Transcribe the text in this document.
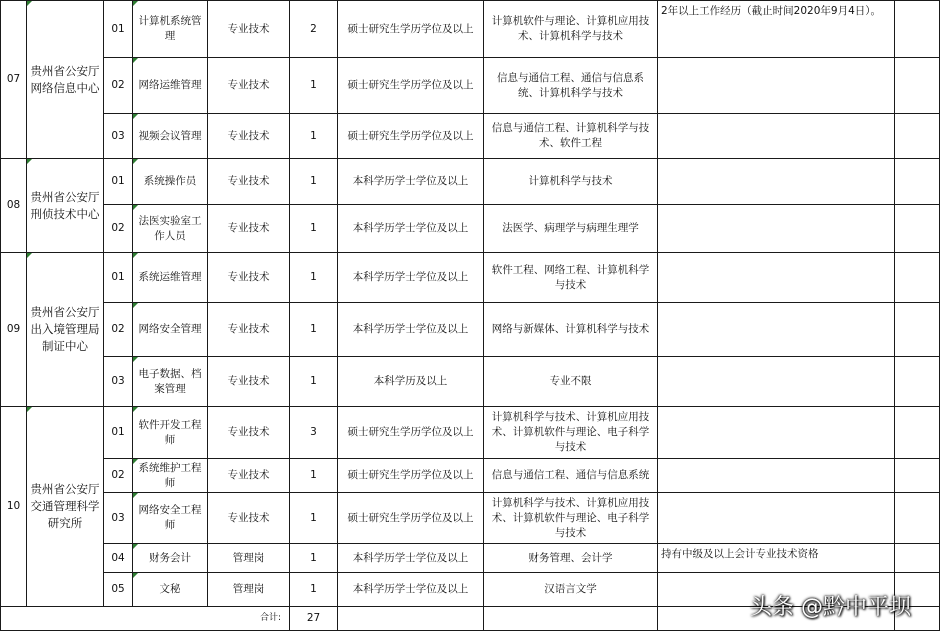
07	贵州省公安厅网络信息中心	01	计算机系统管理	专业技术	2	硕士研究生学历学位及以上	计算机软件与理论、计算机应用技术、计算机科学与技术	2年以上工作经历（截止时间2020年9月4日）。	
		02	网络运维管理	专业技术	1	硕士研究生学历学位及以上	信息与通信工程、通信与信息系统、计算机科学与技术		
		03	视频会议管理	专业技术	1	硕士研究生学历学位及以上	信息与通信工程、计算机科学与技术、软件工程		
08	贵州省公安厅刑侦技术中心	01	系统操作员	专业技术	1	本科学历学士学位及以上	计算机科学与技术		
		02	法医实验室工作人员	专业技术	1	本科学历学士学位及以上	法医学、病理学与病理生理学		
09	贵州省公安厅出入境管理局制证中心	01	系统运维管理	专业技术	1	本科学历学士学位及以上	软件工程、网络工程、计算机科学与技术		
		02	网络安全管理	专业技术	1	本科学历学士学位及以上	网络与新媒体、计算机科学与技术		
		03	电子数据、档案管理	专业技术	1	本科学历及以上	专业不限		
10	贵州省公安厅交通管理科学研究所	01	软件开发工程师	专业技术	3	硕士研究生学历学位及以上	计算机科学与技术、计算机应用技术、计算机软件与理论、电子科学与技术		
		02	系统维护工程师	专业技术	1	硕士研究生学历学位及以上	信息与通信工程、通信与信息系统		
		03	网络安全工程师	专业技术	1	硕士研究生学历学位及以上	计算机科学与技术、计算机应用技术、计算机软件与理论、电子科学与技术		
		04	财务会计	管理岗	1	本科学历学士学位及以上	财务管理、会计学	持有中级及以上会计专业技术资格	
		05	文秘	管理岗	1	本科学历学士学位及以上	汉语言文学		
合计:					27					头条 @黔中平坝
